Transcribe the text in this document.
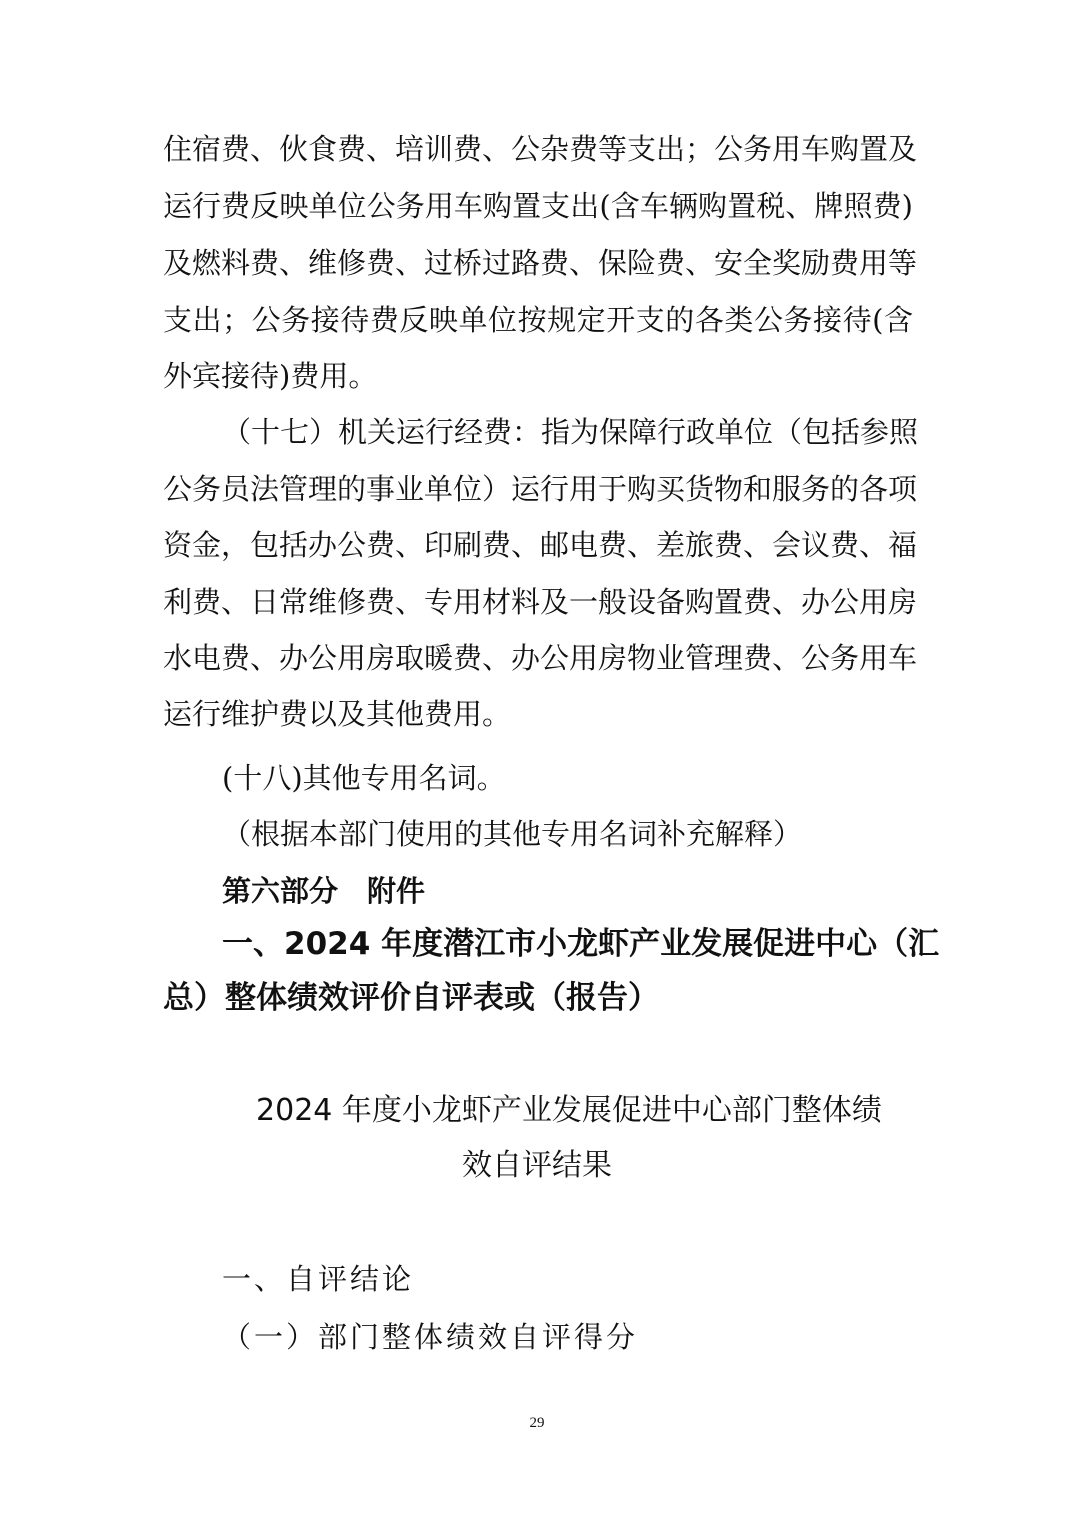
住宿费、伙食费、培训费、公杂费等支出；公务用车购置及
运行费反映单位公务用车购置支出(含车辆购置税、牌照费)
及燃料费、维修费、过桥过路费、保险费、安全奖励费用等
支出；公务接待费反映单位按规定开支的各类公务接待(含
外宾接待)费用。
（十七）机关运行经费：指为保障行政单位（包括参照
公务员法管理的事业单位）运行用于购买货物和服务的各项
资金，包括办公费、印刷费、邮电费、差旅费、会议费、福
利费、日常维修费、专用材料及一般设备购置费、办公用房
水电费、办公用房取暖费、办公用房物业管理费、公务用车
运行维护费以及其他费用。
(十八)其他专用名词。
（根据本部门使用的其他专用名词补充解释）
第六部分　附件
一、2024 年度潜江市小龙虾产业发展促进中心（汇
总）整体绩效评价自评表或（报告）
2024 年度小龙虾产业发展促进中心部门整体绩
效自评结果
一、自评结论
（一）部门整体绩效自评得分
29
